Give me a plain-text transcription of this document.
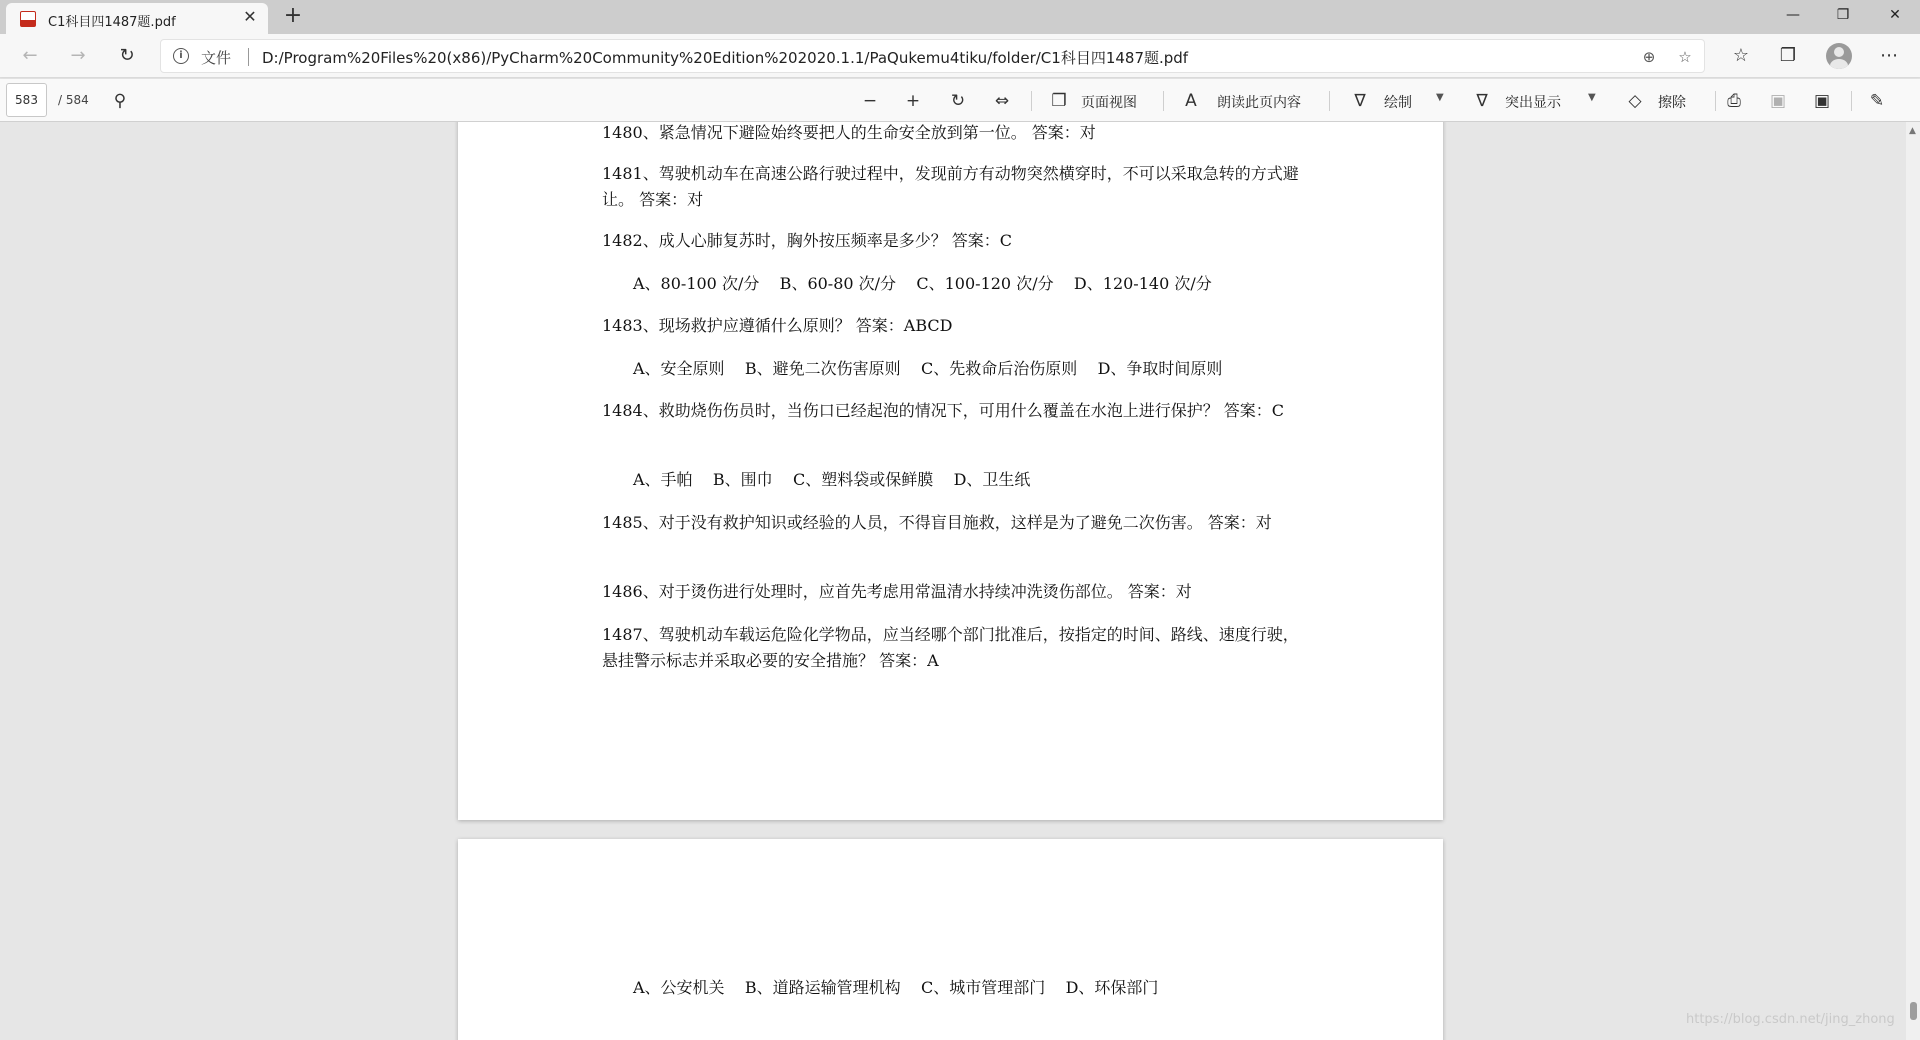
C1科目四1487题.pdf	✕ +	—	❐	✕
←	→	↻	i	文件 D:/Program%20Files%20(x86)/PyCharm%20Community%20Edition%202020.1.1/PaQukemu4tiku/folder/C1科目四1487题.pdf	⊕	☆	☆	❐	⋯
583	/ 584	⚲	−	+	↻	⇔	❐	页面视图	A	朗读此页内容	∇	绘制 ▼	∇	突出显示	▼	◇	擦除	⎙	▣ ▣	✎
1480、紧急情况下避险始终要把人的生命安全放到第一位。 答案：对
1481、驾驶机动车在高速公路行驶过程中，发现前方有动物突然横穿时，不可以采取急转的方式避让。 答案：对
1482、成人心肺复苏时，胸外按压频率是多少？ 答案：C
A、80-100 次/分    B、60-80 次/分    C、100-120 次/分    D、120-140 次/分
1483、现场救护应遵循什么原则？ 答案：ABCD
A、安全原则    B、避免二次伤害原则    C、先救命后治伤原则    D、争取时间原则
1484、救助烧伤伤员时，当伤口已经起泡的情况下，可用什么覆盖在水泡上进行保护？ 答案：C
A、手帕    B、围巾    C、塑料袋或保鲜膜    D、卫生纸
1485、对于没有救护知识或经验的人员，不得盲目施救，这样是为了避免二次伤害。 答案：对
1486、对于烫伤进行处理时，应首先考虑用常温清水持续冲洗烫伤部位。 答案：对
1487、驾驶机动车载运危险化学物品，应当经哪个部门批准后，按指定的时间、路线、速度行驶，悬挂警示标志并采取必要的安全措施？ 答案：A
A、公安机关    B、道路运输管理机构    C、城市管理部门    D、环保部门
▲
https://blog.csdn.net/jing_zhong
